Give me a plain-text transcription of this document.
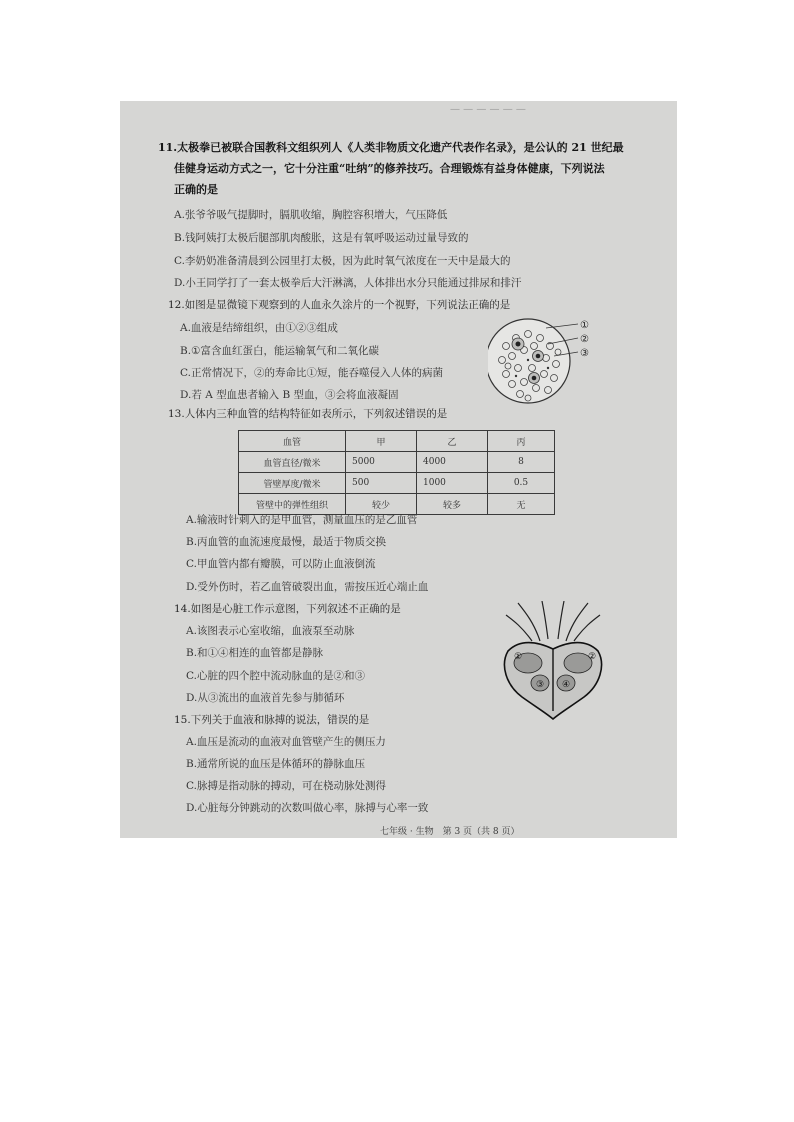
— — — — — —
11.太极拳已被联合国教科文组织列人《人类非物质文化遗产代表作名录》，是公认的 21 世纪最
佳健身运动方式之一，它十分注重“吐纳”的修养技巧。合理锻炼有益身体健康，下列说法
正确的是
A.张爷爷吸气提脚时，膈肌收缩，胸腔容积增大，气压降低
B.钱阿姨打太极后腿部肌肉酸胀，这是有氧呼吸运动过量导致的
C.李奶奶准备清晨到公园里打太极，因为此时氧气浓度在一天中是最大的
D.小王同学打了一套太极拳后大汗淋漓，人体排出水分只能通过排尿和排汗
12.如图是显微镜下观察到的人血永久涂片的一个视野，下列说法正确的是
A.血液是结缔组织，由①②③组成
B.①富含血红蛋白，能运输氧气和二氧化碳
C.正常情况下，②的寿命比①短，能吞噬侵入人体的病菌
D.若 A 型血患者输入 B 型血，③会将血液凝固
①
②
③
13.人体内三种血管的结构特征如表所示，下列叙述错误的是
血管	甲	乙	丙
血管直径/微米	5000	4000	8
管壁厚度/微米	500	1000	0.5
管壁中的弹性组织	较少	较多	无
A.输液时针刺入的是甲血管，测量血压的是乙血管
B.丙血管的血流速度最慢，最适于物质交换
C.甲血管内都有瓣膜，可以防止血液倒流
D.受外伤时，若乙血管破裂出血，需按压近心端止血
14.如图是心脏工作示意图，下列叙述不正确的是
A.该图表示心室收缩，血液泵至动脉
B.和①④相连的血管都是静脉
C.心脏的四个腔中流动脉血的是②和③
D.从③流出的血液首先参与肺循环
①	②
③ ④
15.下列关于血液和脉搏的说法，错误的是
A.血压是流动的血液对血管壁产生的侧压力
B.通常所说的血压是体循环的静脉血压
C.脉搏是指动脉的搏动，可在桡动脉处测得
D.心脏每分钟跳动的次数叫做心率，脉搏与心率一致
七年级 · 生物　第 3 页（共 8 页）
